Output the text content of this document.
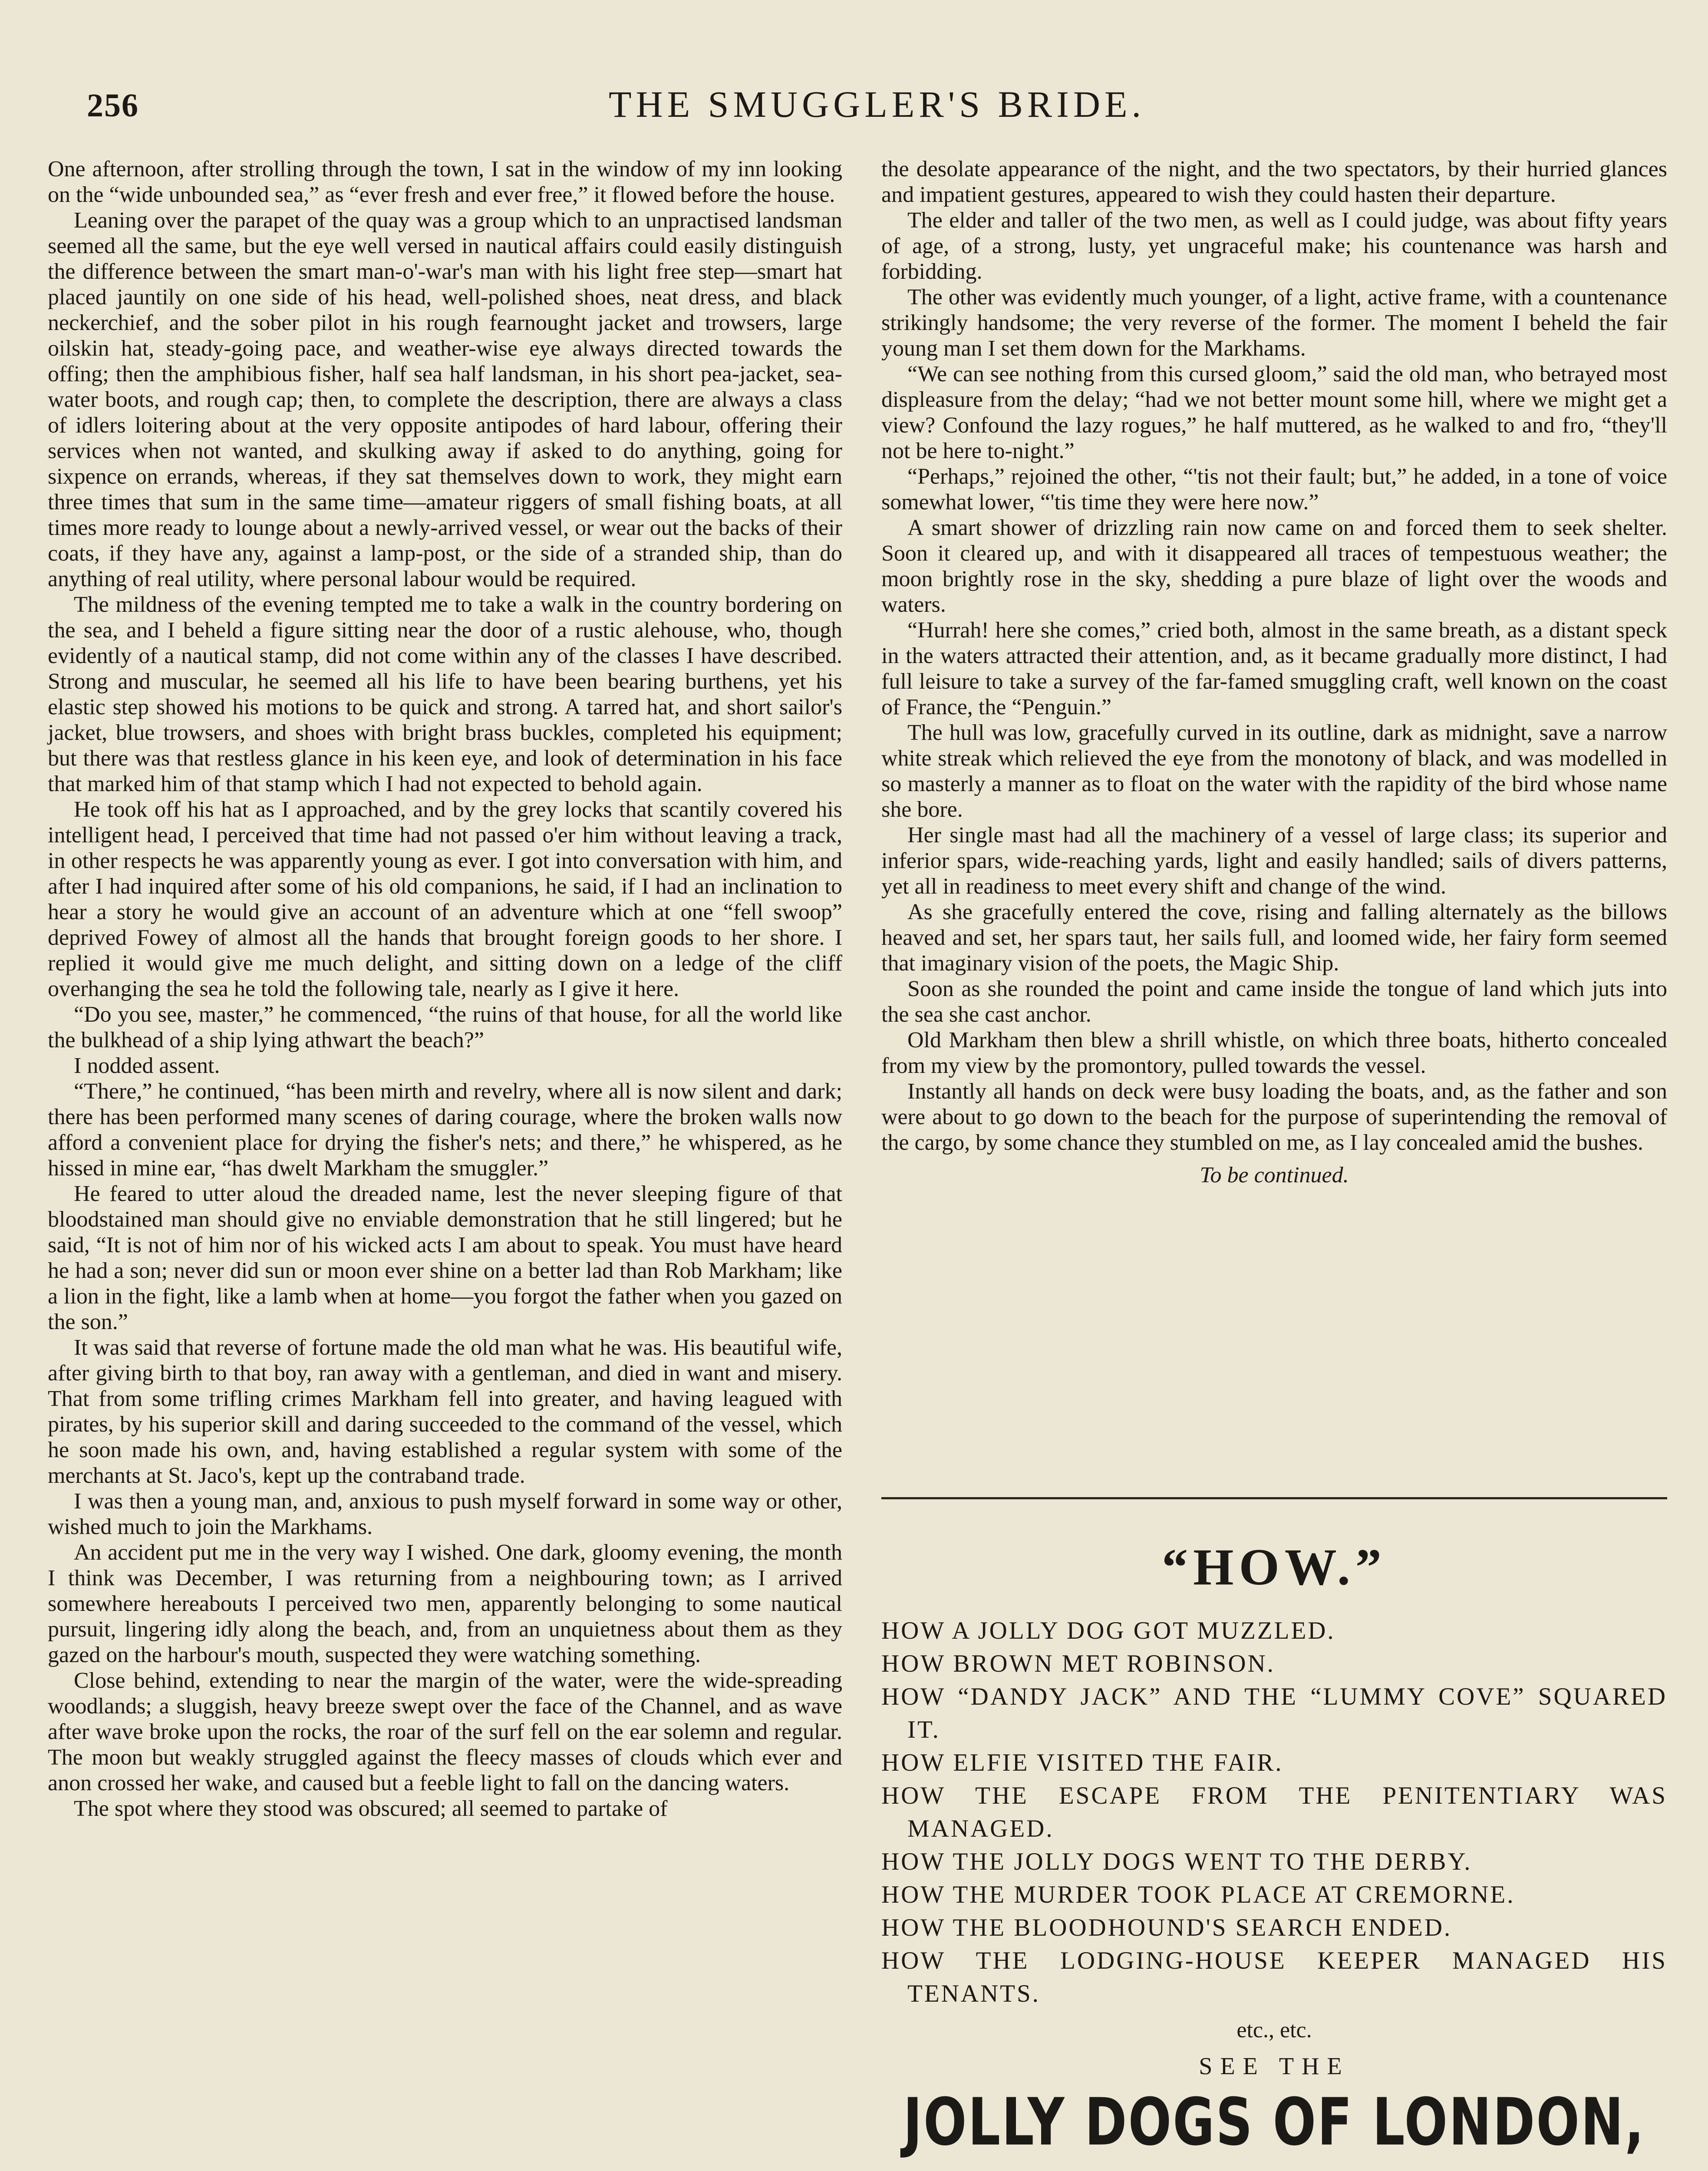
256	THE SMUGGLER'S BRIDE.

One afternoon, after strolling through the town, I sat in the window of my inn looking on the “wide unbounded sea,” as “ever fresh and ever free,” it flowed before the house.

Leaning over the parapet of the quay was a group which to an unpractised landsman seemed all the same, but the eye well versed in nautical affairs could easily distinguish the difference between the smart man-o'-war's man with his light free step—smart hat placed jauntily on one side of his head, well-polished shoes, neat dress, and black neckerchief, and the sober pilot in his rough fearnought jacket and trowsers, large oilskin hat, steady-going pace, and weather-wise eye always directed towards the offing; then the amphibious fisher, half sea half landsman, in his short pea-jacket, sea-water boots, and rough cap; then, to complete the description, there are always a class of idlers loitering about at the very opposite antipodes of hard labour, offering their services when not wanted, and skulking away if asked to do anything, going for sixpence on errands, whereas, if they sat themselves down to work, they might earn three times that sum in the same time—amateur riggers of small fishing boats, at all times more ready to lounge about a newly-arrived vessel, or wear out the backs of their coats, if they have any, against a lamp-post, or the side of a stranded ship, than do anything of real utility, where personal labour would be required.

The mildness of the evening tempted me to take a walk in the country bordering on the sea, and I beheld a figure sitting near the door of a rustic alehouse, who, though evidently of a nautical stamp, did not come within any of the classes I have described. Strong and muscular, he seemed all his life to have been bearing burthens, yet his elastic step showed his motions to be quick and strong. A tarred hat, and short sailor's jacket, blue trowsers, and shoes with bright brass buckles, completed his equipment; but there was that restless glance in his keen eye, and look of determination in his face that marked him of that stamp which I had not expected to behold again.

He took off his hat as I approached, and by the grey locks that scantily covered his intelligent head, I perceived that time had not passed o'er him without leaving a track, in other respects he was apparently young as ever. I got into conversation with him, and after I had inquired after some of his old companions, he said, if I had an inclination to hear a story he would give an account of an adventure which at one “fell swoop” deprived Fowey of almost all the hands that brought foreign goods to her shore. I replied it would give me much delight, and sitting down on a ledge of the cliff overhanging the sea he told the following tale, nearly as I give it here.

“Do you see, master,” he commenced, “the ruins of that house, for all the world like the bulkhead of a ship lying athwart the beach?”

I nodded assent.

“There,” he continued, “has been mirth and revelry, where all is now silent and dark; there has been performed many scenes of daring courage, where the broken walls now afford a convenient place for drying the fisher's nets; and there,” he whispered, as he hissed in mine ear, “has dwelt Markham the smuggler.”

He feared to utter aloud the dreaded name, lest the never sleeping figure of that bloodstained man should give no enviable demonstration that he still lingered; but he said, “It is not of him nor of his wicked acts I am about to speak. You must have heard he had a son; never did sun or moon ever shine on a better lad than Rob Markham; like a lion in the fight, like a lamb when at home—you forgot the father when you gazed on the son.”

It was said that reverse of fortune made the old man what he was. His beautiful wife, after giving birth to that boy, ran away with a gentleman, and died in want and misery. That from some trifling crimes Markham fell into greater, and having leagued with pirates, by his superior skill and daring succeeded to the command of the vessel, which he soon made his own, and, having established a regular system with some of the merchants at St. Jaco's, kept up the contraband trade.

I was then a young man, and, anxious to push myself forward in some way or other, wished much to join the Markhams.

An accident put me in the very way I wished. One dark, gloomy evening, the month I think was December, I was returning from a neighbouring town; as I arrived somewhere hereabouts I perceived two men, apparently belonging to some nautical pursuit, lingering idly along the beach, and, from an unquietness about them as they gazed on the harbour's mouth, suspected they were watching something.

Close behind, extending to near the margin of the water, were the wide-spreading woodlands; a sluggish, heavy breeze swept over the face of the Channel, and as wave after wave broke upon the rocks, the roar of the surf fell on the ear solemn and regular. The moon but weakly struggled against the fleecy masses of clouds which ever and anon crossed her wake, and caused but a feeble light to fall on the dancing waters.

The spot where they stood was obscured; all seemed to partake of

the desolate appearance of the night, and the two spectators, by their hurried glances and impatient gestures, appeared to wish they could hasten their departure.

The elder and taller of the two men, as well as I could judge, was about fifty years of age, of a strong, lusty, yet ungraceful make; his countenance was harsh and forbidding.

The other was evidently much younger, of a light, active frame, with a countenance strikingly handsome; the very reverse of the former. The moment I beheld the fair young man I set them down for the Markhams.

“We can see nothing from this cursed gloom,” said the old man, who betrayed most displeasure from the delay; “had we not better mount some hill, where we might get a view? Confound the lazy rogues,” he half muttered, as he walked to and fro, “they'll not be here to-night.”

“Perhaps,” rejoined the other, “'tis not their fault; but,” he added, in a tone of voice somewhat lower, “'tis time they were here now.”

A smart shower of drizzling rain now came on and forced them to seek shelter. Soon it cleared up, and with it disappeared all traces of tempestuous weather; the moon brightly rose in the sky, shedding a pure blaze of light over the woods and waters.

“Hurrah! here she comes,” cried both, almost in the same breath, as a distant speck in the waters attracted their attention, and, as it became gradually more distinct, I had full leisure to take a survey of the far-famed smuggling craft, well known on the coast of France, the “Penguin.”

The hull was low, gracefully curved in its outline, dark as midnight, save a narrow white streak which relieved the eye from the monotony of black, and was modelled in so masterly a manner as to float on the water with the rapidity of the bird whose name she bore.

Her single mast had all the machinery of a vessel of large class; its superior and inferior spars, wide-reaching yards, light and easily handled; sails of divers patterns, yet all in readiness to meet every shift and change of the wind.

As she gracefully entered the cove, rising and falling alternately as the billows heaved and set, her spars taut, her sails full, and loomed wide, her fairy form seemed that imaginary vision of the poets, the Magic Ship.

Soon as she rounded the point and came inside the tongue of land which juts into the sea she cast anchor.

Old Markham then blew a shrill whistle, on which three boats, hitherto concealed from my view by the promontory, pulled towards the vessel.

Instantly all hands on deck were busy loading the boats, and, as the father and son were about to go down to the beach for the purpose of superintending the removal of the cargo, by some chance they stumbled on me, as I lay concealed amid the bushes.

To be continued.

“HOW.”
HOW A JOLLY DOG GOT MUZZLED.
HOW BROWN MET ROBINSON.
HOW “DANDY JACK” AND THE “LUMMY COVE” SQUARED IT.
HOW ELFIE VISITED THE FAIR.
HOW THE ESCAPE FROM THE PENITENTIARY WAS MANAGED.
HOW THE JOLLY DOGS WENT TO THE DERBY.
HOW THE MURDER TOOK PLACE AT CREMORNE.
HOW THE BLOODHOUND'S SEARCH ENDED.
HOW THE LODGING-HOUSE KEEPER MANAGED HIS TENANTS.
etc., etc.
SEE THE
JOLLY DOGS OF LONDON,
